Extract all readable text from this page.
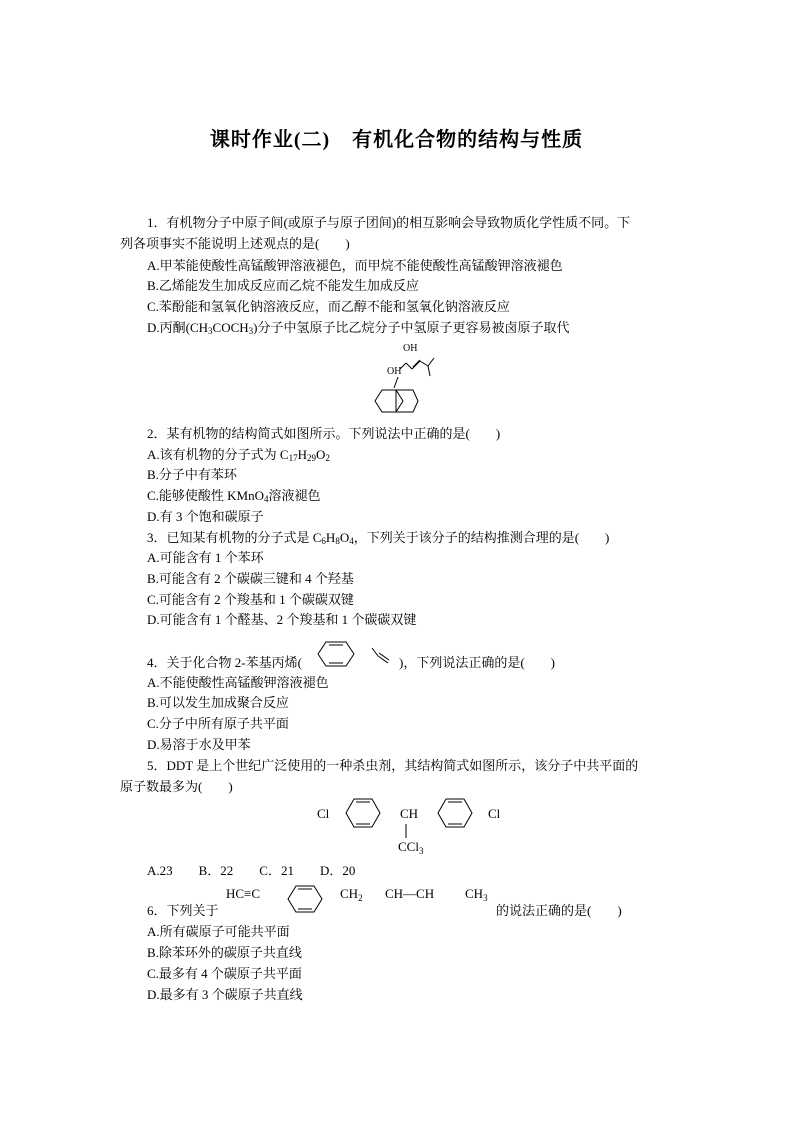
课时作业(二) 有机化合物的结构与性质
1．有机物分子中原子间(或原子与原子团间)的相互影响会导致物质化学性质不同。下
列各项事实不能说明上述观点的是(　　)
A.甲苯能使酸性高锰酸钾溶液褪色，而甲烷不能使酸性高锰酸钾溶液褪色
B.乙烯能发生加成反应而乙烷不能发生加成反应
C.苯酚能和氢氧化钠溶液反应，而乙醇不能和氢氧化钠溶液反应
D.丙酮$(CH_3COCH_3)$分子中氢原子比乙烷分子中氢原子更容易被卤原子取代
OH
OH
2．某有机物的结构简式如图所示。下列说法中正确的是(　　)
A.该有机物的分子式为 $C_{17}H_{29}O_2$
B.分子中有苯环
C.能够使酸性 KMnO$_4$溶液褪色
D.有 3 个饱和碳原子
3．已知某有机物的分子式是 $C_6H_8O_4$，下列关于该分子的结构推测合理的是(　　)
A.可能含有 1 个苯环
B.可能含有 2 个碳碳三键和 4 个羟基
C.可能含有 2 个羧基和 1 个碳碳双键
D.可能含有 1 个醛基、2 个羧基和 1 个碳碳双键
4．关于化合物 2-苯基丙烯(	)，下列说法正确的是(　　)
A.不能使酸性高锰酸钾溶液褪色
B.可以发生加成聚合反应
C.分子中所有原子共平面
D.易溶于水及甲苯
5．DDT 是上个世纪广泛使用的一种杀虫剂，其结构简式如图所示，该分子中共平面的
原子数最多为(　　)
Cl	CH	Cl
CCl$_3$
A.23　　B．22　　C．21　　D．20
6．下列关于
HC≡C	$CH_2$ CH—CH $CH_3$
的说法正确的是(　　)
A.所有碳原子可能共平面
B.除苯环外的碳原子共直线
C.最多有 4 个碳原子共平面
D.最多有 3 个碳原子共直线
